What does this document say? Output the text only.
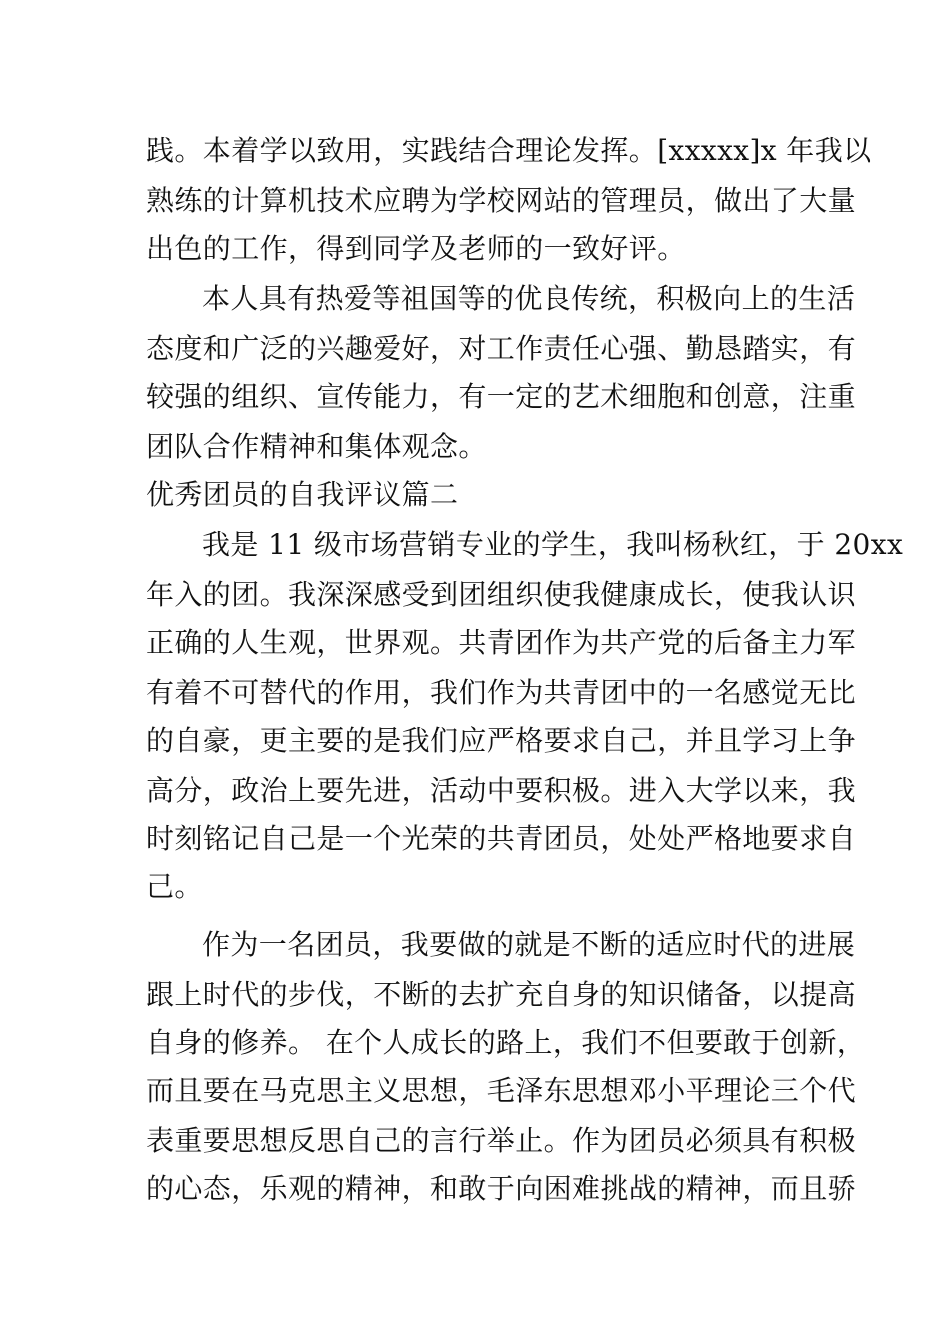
践。本着学以致用，实践结合理论发挥。[xxxxx]x 年我以
熟练的计算机技术应聘为学校网站的管理员，做出了大量
出色的工作，得到同学及老师的一致好评。
本人具有热爱等祖国等的优良传统，积极向上的生活
态度和广泛的兴趣爱好，对工作责任心强、勤恳踏实，有
较强的组织、宣传能力，有一定的艺术细胞和创意，注重
团队合作精神和集体观念。
优秀团员的自我评议篇二
我是 11 级市场营销专业的学生，我叫杨秋红，于 20xx
年入的团。我深深感受到团组织使我健康成长，使我认识
正确的人生观，世界观。共青团作为共产党的后备主力军
有着不可替代的作用，我们作为共青团中的一名感觉无比
的自豪，更主要的是我们应严格要求自己，并且学习上争
高分，政治上要先进，活动中要积极。进入大学以来，我
时刻铭记自己是一个光荣的共青团员，处处严格地要求自
己。
作为一名团员，我要做的就是不断的适应时代的进展
跟上时代的步伐，不断的去扩充自身的知识储备，以提高
自身的修养。 在个人成长的路上，我们不但要敢于创新，
而且要在马克思主义思想，毛泽东思想邓小平理论三个代
表重要思想反思自己的言行举止。作为团员必须具有积极
的心态，乐观的精神，和敢于向困难挑战的精神，而且骄
